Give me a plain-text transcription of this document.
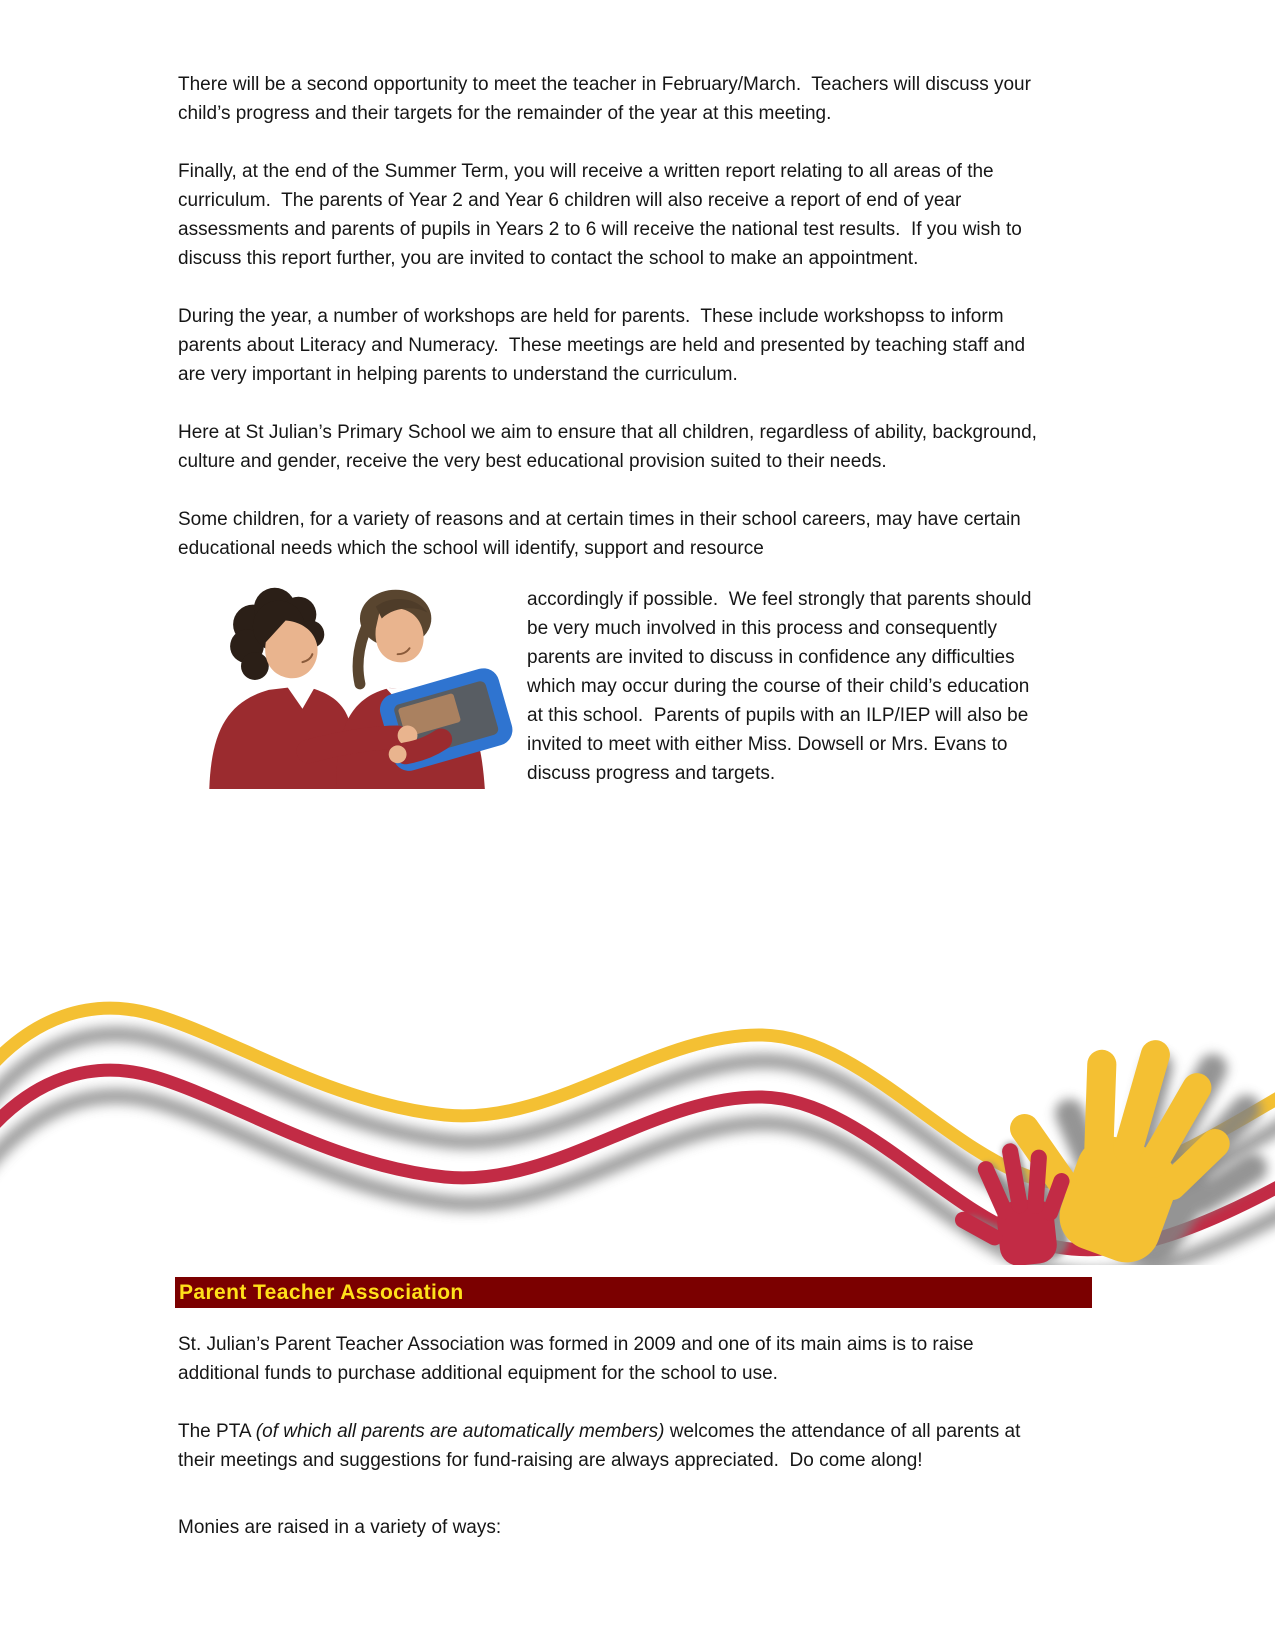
There will be a second opportunity to meet the teacher in February/March.  Teachers will discuss your child’s progress and their targets for the remainder of the year at this meeting.

Finally, at the end of the Summer Term, you will receive a written report relating to all areas of the curriculum.  The parents of Year 2 and Year 6 children will also receive a report of end of year assessments and parents of pupils in Years 2 to 6 will receive the national test results.  If you wish to discuss this report further, you are invited to contact the school to make an appointment.

During the year, a number of workshops are held for parents.  These include workshopss to inform parents about Literacy and Numeracy.  These meetings are held and presented by teaching staff and are very important in helping parents to understand the curriculum.

Here at St Julian’s Primary School we aim to ensure that all children, regardless of ability, background, culture and gender, receive the very best educational provision suited to their needs.

Some children, for a variety of reasons and at certain times in their school careers, may have certain educational needs which the school will identify, support and resource

accordingly if possible.  We feel strongly that parents should be very much involved in this process and consequently parents are invited to discuss in confidence any difficulties which may occur during the course of their child’s education at this school.  Parents of pupils with an ILP/IEP will also be invited to meet with either Miss. Dowsell or Mrs. Evans to discuss progress and targets.

Parent Teacher Association

St. Julian’s Parent Teacher Association was formed in 2009 and one of its main aims is to raise additional funds to purchase additional equipment for the school to use.

The PTA (of which all parents are automatically members) welcomes the attendance of all parents at their meetings and suggestions for fund-raising are always appreciated.  Do come along!

Monies are raised in a variety of ways:
